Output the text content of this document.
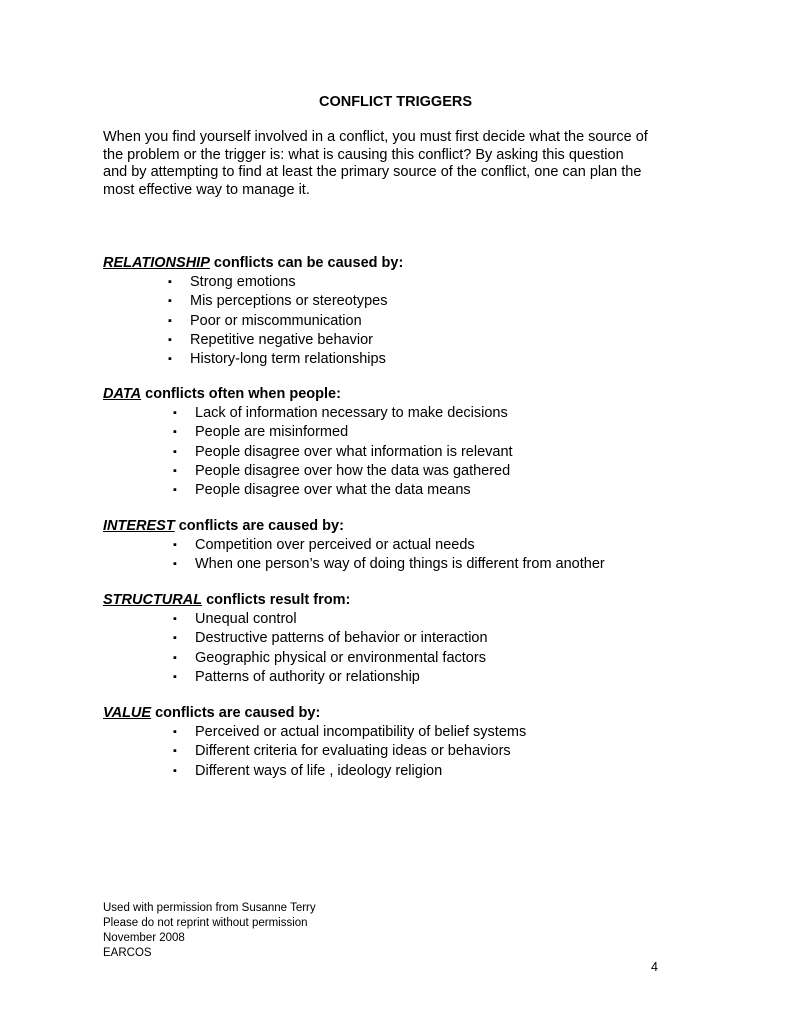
CONFLICT TRIGGERS

When you find yourself involved in a conflict, you must first decide what the source of
the problem or the trigger is: what is causing this conflict? By asking this question
and by attempting to find at least the primary source of the conflict, one can plan the
most effective way to manage it.

RELATIONSHIP conflicts can be caused by:
▪ Strong emotions
▪ Mis perceptions or stereotypes
▪ Poor or miscommunication
▪ Repetitive negative behavior
▪ History-long term relationships
DATA conflicts often when people:
▪ Lack of information necessary to make decisions
▪ People are misinformed
▪ People disagree over what information is relevant
▪ People disagree over how the data was gathered
▪ People disagree over what the data means
INTEREST conflicts are caused by:
▪ Competition over perceived or actual needs
▪ When one person’s way of doing things is different from another
STRUCTURAL conflicts result from:
▪ Unequal control
▪ Destructive patterns of behavior or interaction
▪ Geographic physical or environmental factors
▪ Patterns of authority or relationship
VALUE conflicts are caused by:
▪ Perceived or actual incompatibility of belief systems
▪ Different criteria for evaluating ideas or behaviors
▪ Different ways of life , ideology religion
Used with permission from Susanne Terry
Please do not reprint without permission
November 2008
EARCOS
4
